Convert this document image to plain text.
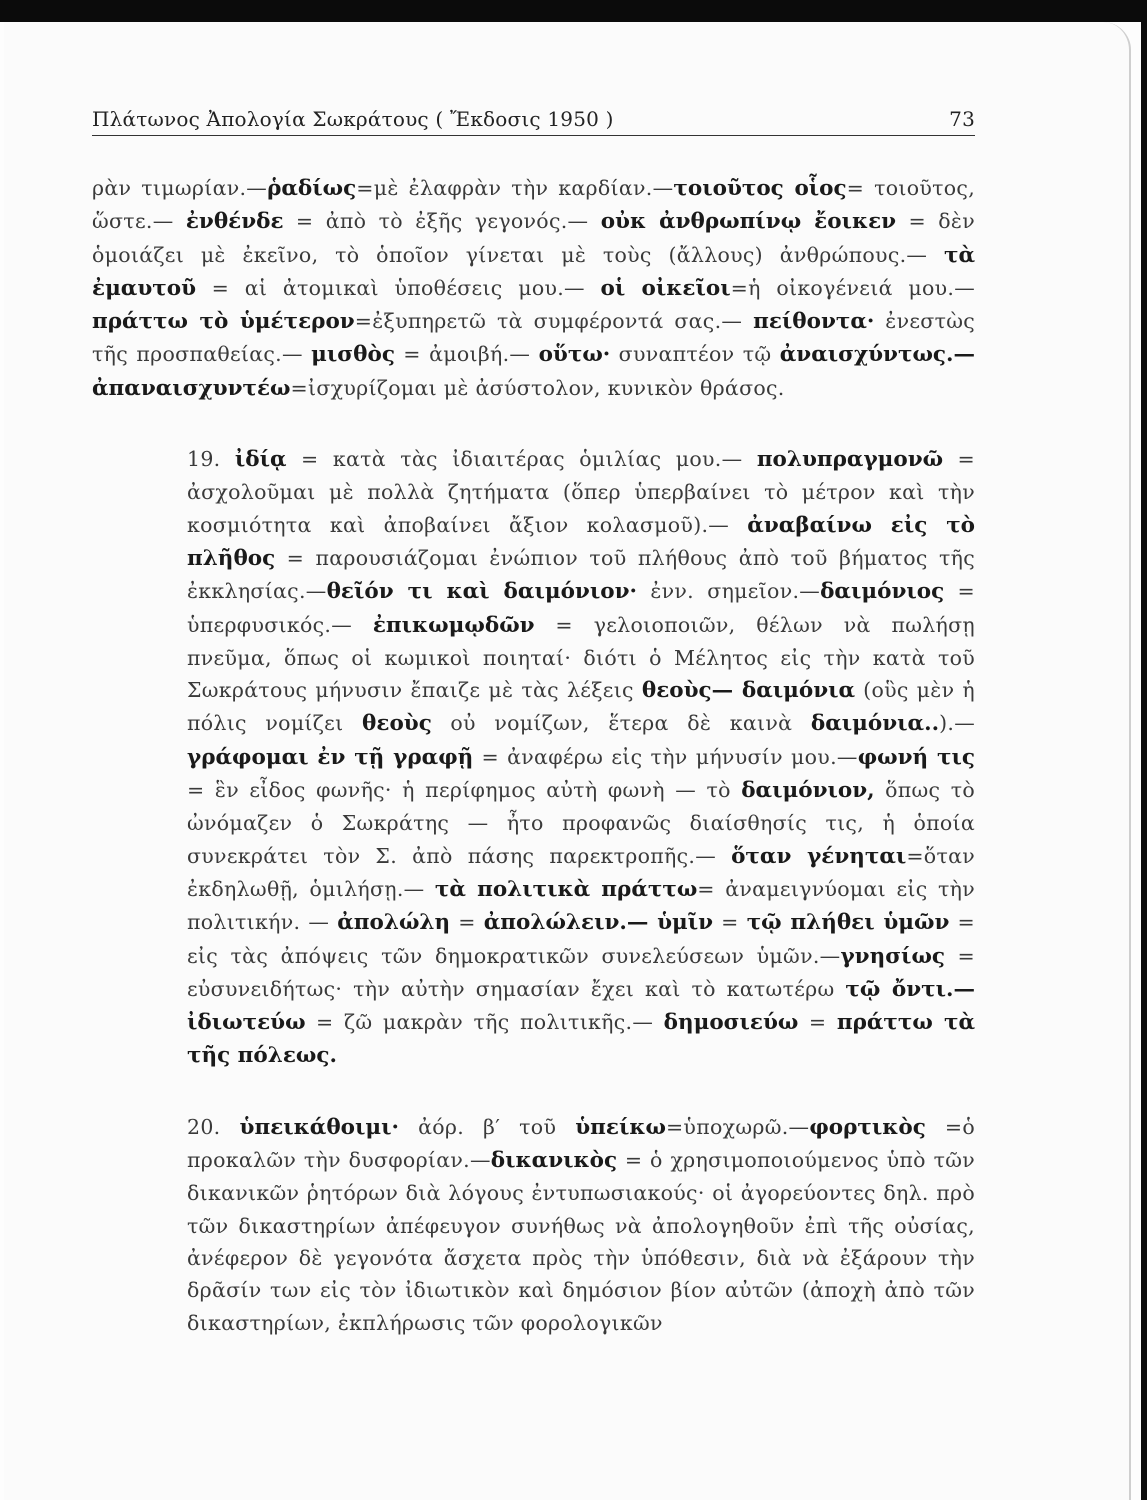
Πλάτωνος Ἀπολογία Σωκράτους ( Ἔκδοσις 1950 )	73

ρὰν τιμωρίαν.—ῥαδίως=μὲ ἐλαφρὰν τὴν καρδίαν.—τοιοῦτος οἷος= τοιοῦτος, ὥστε.— ἐνθένδε = ἀπὸ τὸ ἐξῆς γεγονός.— οὐκ ἀνθρωπίνῳ ἔοικεν = δὲν ὁμοιάζει μὲ ἐκεῖνο, τὸ ὁποῖον γίνεται μὲ τοὺς (ἄλλους) ἀνθρώπους.— τὰ ἐμαυτοῦ = αἱ ἀτομικαὶ ὑποθέσεις μου.— οἱ οἰκεῖοι=ἡ οἰκογένειά μου.—πράττω τὸ ὑμέτερον=ἐξυπηρετῶ τὰ συμφέροντά σας.— πείθοντα· ἐνεστὼς τῆς προσπαθείας.— μισθὸς = ἀμοιβή.— οὕτω· συναπτέον τῷ ἀναισχύντως.— ἀπαναισχυντέω=ἰσχυρίζομαι μὲ ἀσύστολον, κυνικὸν θράσος.

19. ἰδίᾳ = κατὰ τὰς ἰδιαιτέρας ὁμιλίας μου.— πολυπραγμονῶ = ἀσχολοῦμαι μὲ πολλὰ ζητήματα (ὅπερ ὑπερβαίνει τὸ μέτρον καὶ τὴν κοσμιότητα καὶ ἀποβαίνει ἄξιον κολασμοῦ).— ἀναβαίνω εἰς τὸ πλῆθος = παρουσιάζομαι ἐνώπιον τοῦ πλήθους ἀπὸ τοῦ βήματος τῆς ἐκκλησίας.—θεῖόν τι καὶ δαιμόνιον· ἐνν. σημεῖον.—δαιμόνιος = ὑπερφυσικός.— ἐπικωμῳδῶν = γελοιοποιῶν, θέλων νὰ πωλήσῃ πνεῦμα, ὅπως οἱ κωμικοὶ ποιηταί· διότι ὁ Μέλητος εἰς τὴν κατὰ τοῦ Σωκράτους μήνυσιν ἔπαιζε μὲ τὰς λέξεις θεοὺς— δαιμόνια (οὓς μὲν ἡ πόλις νομίζει θεοὺς οὐ νομίζων, ἕτερα δὲ καινὰ δαιμόνια..).— γράφομαι ἐν τῇ γραφῇ = ἀναφέρω εἰς τὴν μήνυσίν μου.—φωνή τις = ἓν εἶδος φωνῆς· ἡ περίφημος αὐτὴ φωνὴ — τὸ δαιμόνιον, ὅπως τὸ ὠνόμαζεν ὁ Σωκράτης — ἦτο προφανῶς διαίσθησίς τις, ἡ ὁποία συνεκράτει τὸν Σ. ἀπὸ πάσης παρεκτροπῆς.— ὅταν γένηται=ὅταν ἐκδηλωθῇ, ὁμιλήσῃ.— τὰ πολιτικὰ πράττω= ἀναμειγνύομαι εἰς τὴν πολιτικήν. — ἀπολώλη = ἀπολώλειν.— ὑμῖν = τῷ πλήθει ὑμῶν = εἰς τὰς ἀπόψεις τῶν δημοκρατικῶν συνελεύσεων ὑμῶν.—γνησίως = εὐσυνειδήτως· τὴν αὐτὴν σημασίαν ἔχει καὶ τὸ κατωτέρω τῷ ὄντι.— ἰδιωτεύω = ζῶ μακρὰν τῆς πολιτικῆς.— δημοσιεύω = πράττω τὰ τῆς πόλεως.

20. ὑπεικάθοιμι· ἀόρ. β′ τοῦ ὑπείκω=ὑποχωρῶ.—φορτικὸς =ὁ προκαλῶν τὴν δυσφορίαν.—δικανικὸς = ὁ χρησιμοποιούμενος ὑπὸ τῶν δικανικῶν ῥητόρων διὰ λόγους ἐντυπωσιακούς· οἱ ἀγορεύοντες δηλ. πρὸ τῶν δικαστηρίων ἀπέφευγον συνήθως νὰ ἀπολογηθοῦν ἐπὶ τῆς οὐσίας, ἀνέφερον δὲ γεγονότα ἄσχετα πρὸς τὴν ὑπόθεσιν, διὰ νὰ ἐξάρουν τὴν δρᾶσίν των εἰς τὸν ἰδιωτικὸν καὶ δημόσιον βίον αὐτῶν (ἀποχὴ ἀπὸ τῶν δικαστηρίων, ἐκπλήρωσις τῶν φορολογικῶν
